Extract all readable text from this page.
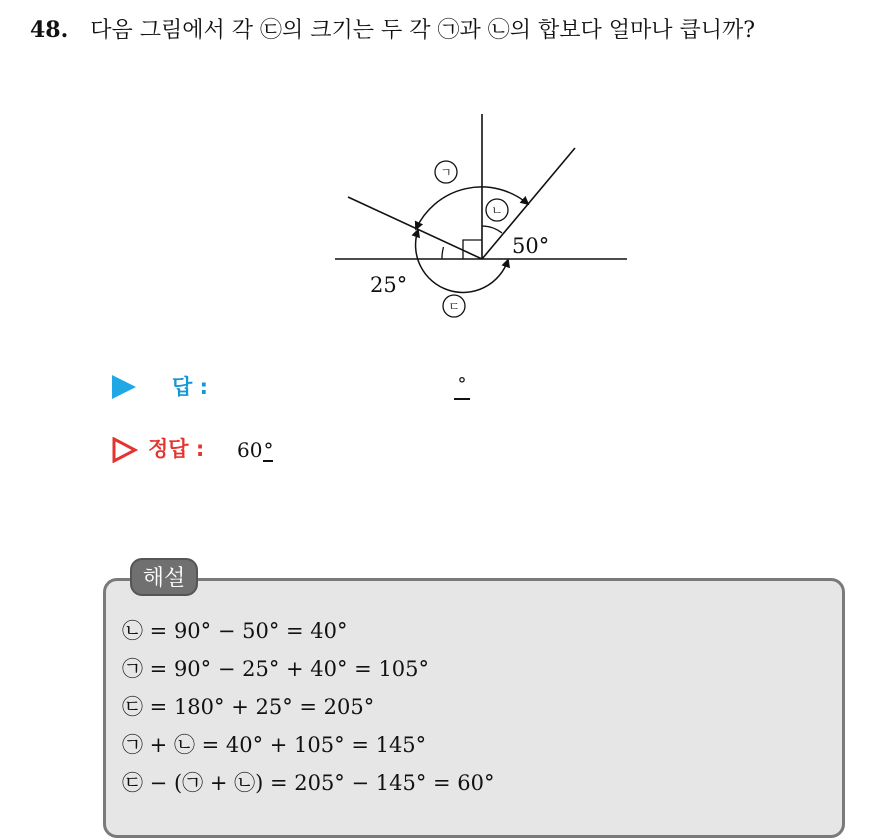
48. 다음 그림에서 각 ㉢의 크기는 두 각 ㉠과 ㉡의 합보다 얼마나 큽니까?
ㄱ
ㄴ
ㄷ
50°
25°
답 :	°
정답 : 60°
해설
㉡ = 90° − 50° = 40°
㉠ = 90° − 25° + 40° = 105°
㉢ = 180° + 25° = 205°
㉠ + ㉡ = 40° + 105° = 145°
㉢ − (㉠ + ㉡) = 205° − 145° = 60°
